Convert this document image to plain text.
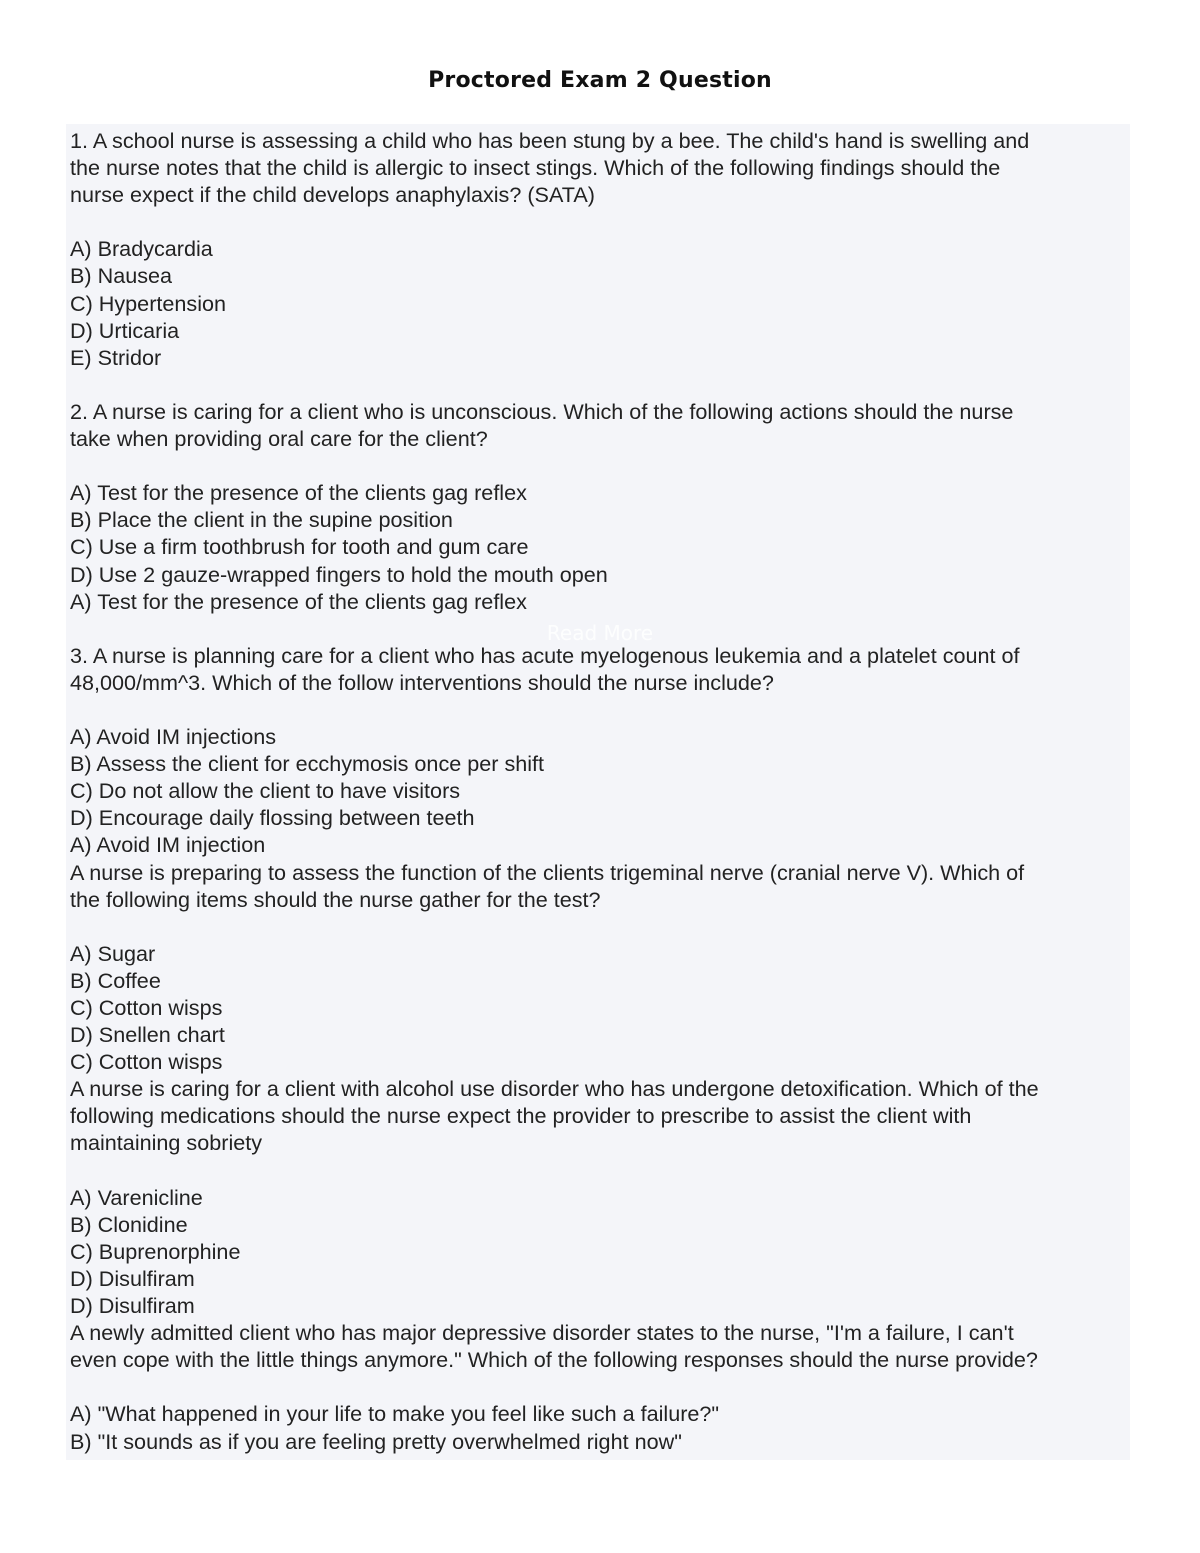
Proctored Exam 2 Question
1. A school nurse is assessing a child who has been stung by a bee. The child's hand is swelling and
the nurse notes that the child is allergic to insect stings. Which of the following findings should the
nurse expect if the child develops anaphylaxis? (SATA)
A) Bradycardia
B) Nausea
C) Hypertension
D) Urticaria
E) Stridor
2. A nurse is caring for a client who is unconscious. Which of the following actions should the nurse
take when providing oral care for the client?
A) Test for the presence of the clients gag reflex
B) Place the client in the supine position
C) Use a firm toothbrush for tooth and gum care
D) Use 2 gauze-wrapped fingers to hold the mouth open
A) Test for the presence of the clients gag reflex
3. A nurse is planning care for a client who has acute myelogenous leukemia and a platelet count of
48,000/mm^3. Which of the follow interventions should the nurse include?
A) Avoid IM injections
B) Assess the client for ecchymosis once per shift
C) Do not allow the client to have visitors
D) Encourage daily flossing between teeth
A) Avoid IM injection
A nurse is preparing to assess the function of the clients trigeminal nerve (cranial nerve V). Which of
the following items should the nurse gather for the test?
A) Sugar
B) Coffee
C) Cotton wisps
D) Snellen chart
C) Cotton wisps
A nurse is caring for a client with alcohol use disorder who has undergone detoxification. Which of the
following medications should the nurse expect the provider to prescribe to assist the client with
maintaining sobriety
A) Varenicline
B) Clonidine
C) Buprenorphine
D) Disulfiram
D) Disulfiram
A newly admitted client who has major depressive disorder states to the nurse, "I'm a failure, I can't
even cope with the little things anymore." Which of the following responses should the nurse provide?
A) "What happened in your life to make you feel like such a failure?"
B) "It sounds as if you are feeling pretty overwhelmed right now"
Read More
